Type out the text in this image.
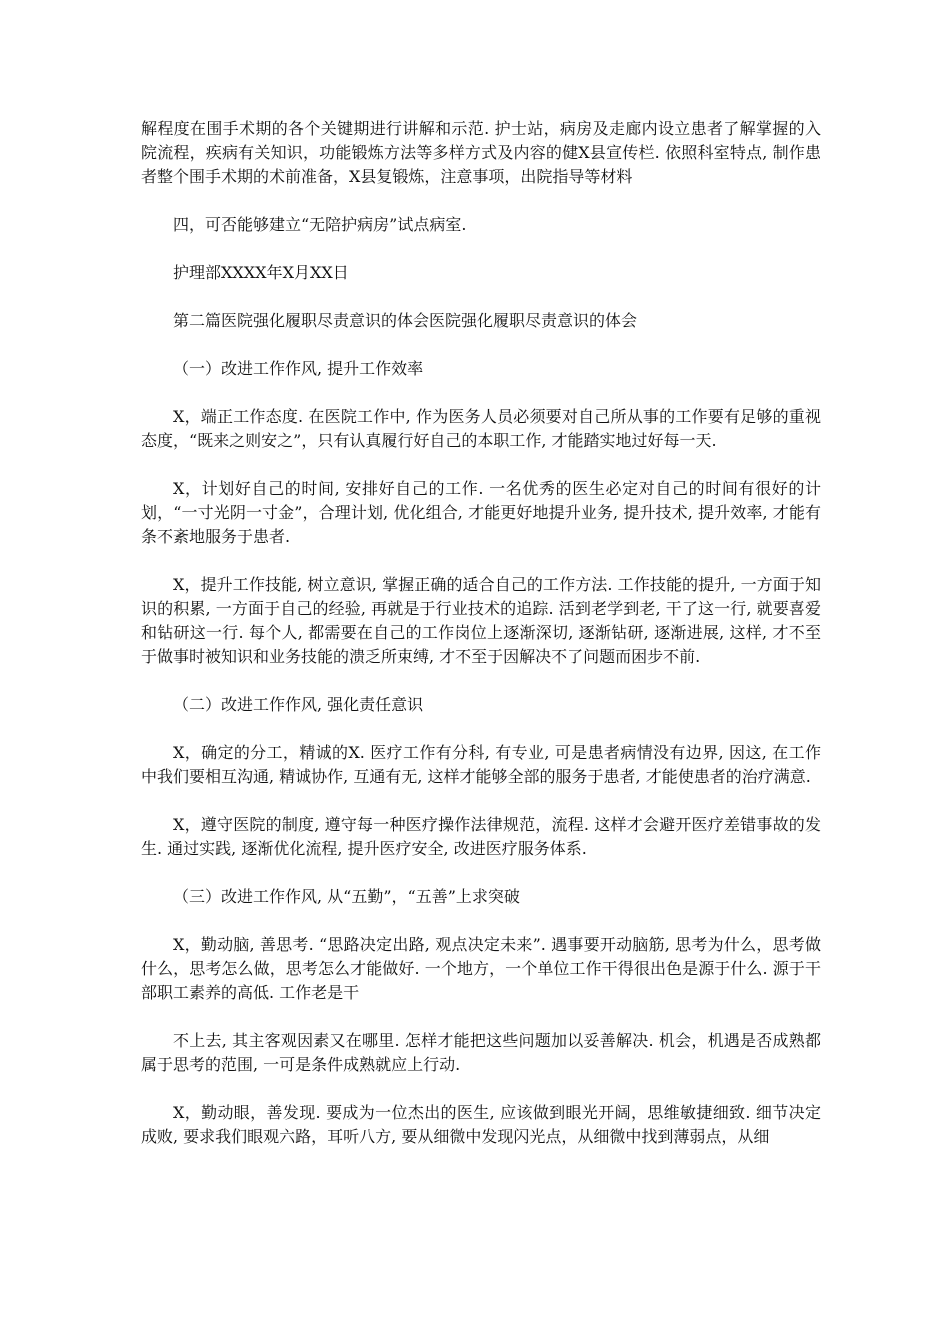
解程度在围手术期的各个关键期进行讲解和示范. 护士站，病房及走廊内设立患者了解掌握的入院流程，疾病有关知识，功能锻炼方法等多样方式及内容的健X县宣传栏. 依照科室特点, 制作患者整个围手术期的术前准备，X县复锻炼，注意事项，出院指导等材料

四，可否能够建立“无陪护病房”试点病室.

护理部XXXX年X月XX日

第二篇医院强化履职尽责意识的体会医院强化履职尽责意识的体会

（一）改进工作作风, 提升工作效率

X，端正工作态度. 在医院工作中, 作为医务人员必须要对自己所从事的工作要有足够的重视态度，“既来之则安之”，只有认真履行好自己的本职工作, 才能踏实地过好每一天.

X，计划好自己的时间, 安排好自己的工作. 一名优秀的医生必定对自己的时间有很好的计划，“一寸光阴一寸金”，合理计划, 优化组合, 才能更好地提升业务, 提升技术, 提升效率, 才能有条不紊地服务于患者.

X，提升工作技能, 树立意识, 掌握正确的适合自己的工作方法. 工作技能的提升, 一方面于知识的积累, 一方面于自己的经验, 再就是于行业技术的追踪. 活到老学到老, 干了这一行, 就要喜爱和钻研这一行. 每个人, 都需要在自己的工作岗位上逐渐深切, 逐渐钻研, 逐渐进展, 这样, 才不至于做事时被知识和业务技能的溃乏所束缚, 才不至于因解决不了问题而困步不前.

（二）改进工作作风, 强化责任意识

X，确定的分工，精诚的X. 医疗工作有分科, 有专业, 可是患者病情没有边界, 因这, 在工作中我们要相互沟通, 精诚协作, 互通有无, 这样才能够全部的服务于患者, 才能使患者的治疗满意.

X，遵守医院的制度, 遵守每一种医疗操作法律规范，流程. 这样才会避开医疗差错事故的发生. 通过实践, 逐渐优化流程, 提升医疗安全, 改进医疗服务体系.

（三）改进工作作风, 从“五勤”，“五善”上求突破

X，勤动脑, 善思考. “思路决定出路, 观点决定未来”. 遇事要开动脑筋, 思考为什么，思考做什么，思考怎么做，思考怎么才能做好. 一个地方，一个单位工作干得很出色是源于什么. 源于干部职工素养的高低. 工作老是干

不上去, 其主客观因素又在哪里. 怎样才能把这些问题加以妥善解决. 机会，机遇是否成熟都属于思考的范围, 一可是条件成熟就应上行动.

X，勤动眼，善发现. 要成为一位杰出的医生, 应该做到眼光开阔，思维敏捷细致. 细节决定成败, 要求我们眼观六路，耳听八方, 要从细微中发现闪光点，从细微中找到薄弱点，从细
